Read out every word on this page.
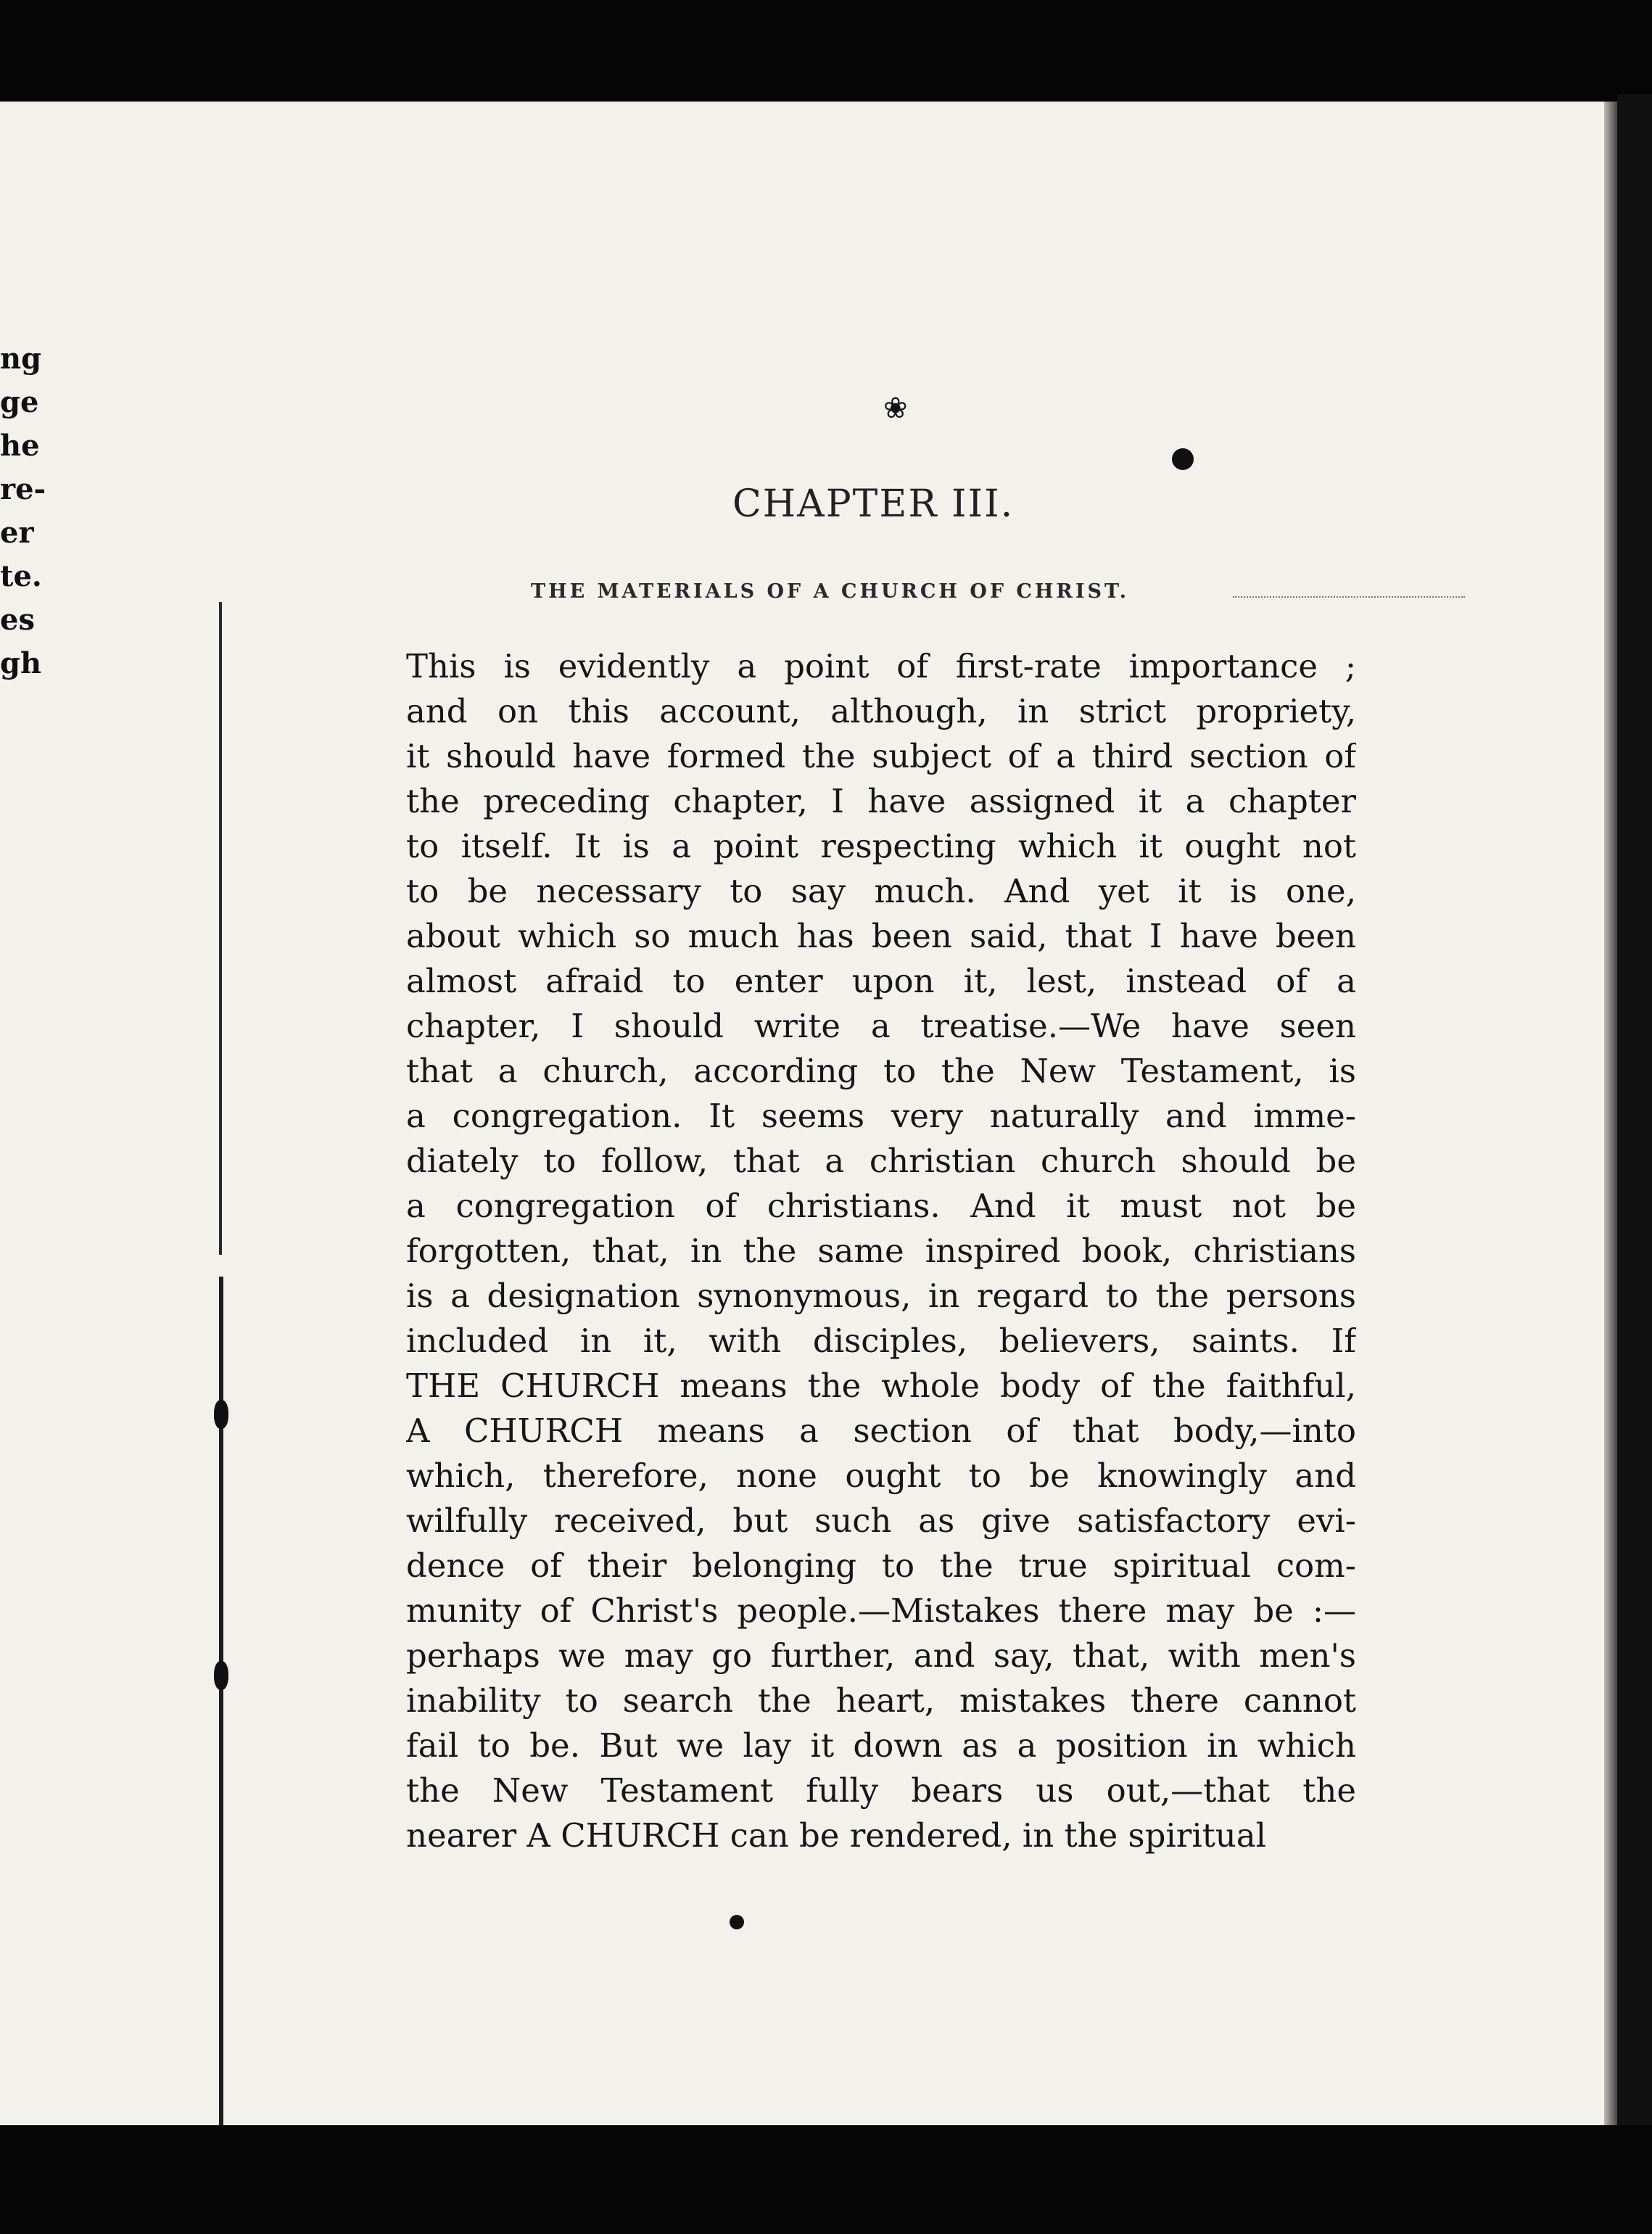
ng
ge
he
re-
er
te.
es
gh
❀
CHAPTER III.
THE MATERIALS OF A CHURCH OF CHRIST.
This is evidently a point of first-rate importance ;
and on this account, although, in strict propriety,
it should have formed the subject of a third section of
the preceding chapter, I have assigned it a chapter
to itself. It is a point respecting which it ought not
to be necessary to say much. And yet it is one,
about which so much has been said, that I have been
almost afraid to enter upon it, lest, instead of a
chapter, I should write a treatise.—We have seen
that a church, according to the New Testament, is
a congregation. It seems very naturally and imme-
diately to follow, that a christian church should be
a congregation of christians. And it must not be
forgotten, that, in the same inspired book, christians
is a designation synonymous, in regard to the persons
included in it, with disciples, believers, saints. If
THE CHURCH means the whole body of the faithful,
A CHURCH means a section of that body,—into
which, therefore, none ought to be knowingly and
wilfully received, but such as give satisfactory evi-
dence of their belonging to the true spiritual com-
munity of Christ's people.—Mistakes there may be :—
perhaps we may go further, and say, that, with men's
inability to search the heart, mistakes there cannot
fail to be. But we lay it down as a position in which
the New Testament fully bears us out,—that the
nearer A CHURCH can be rendered, in the spiritual
